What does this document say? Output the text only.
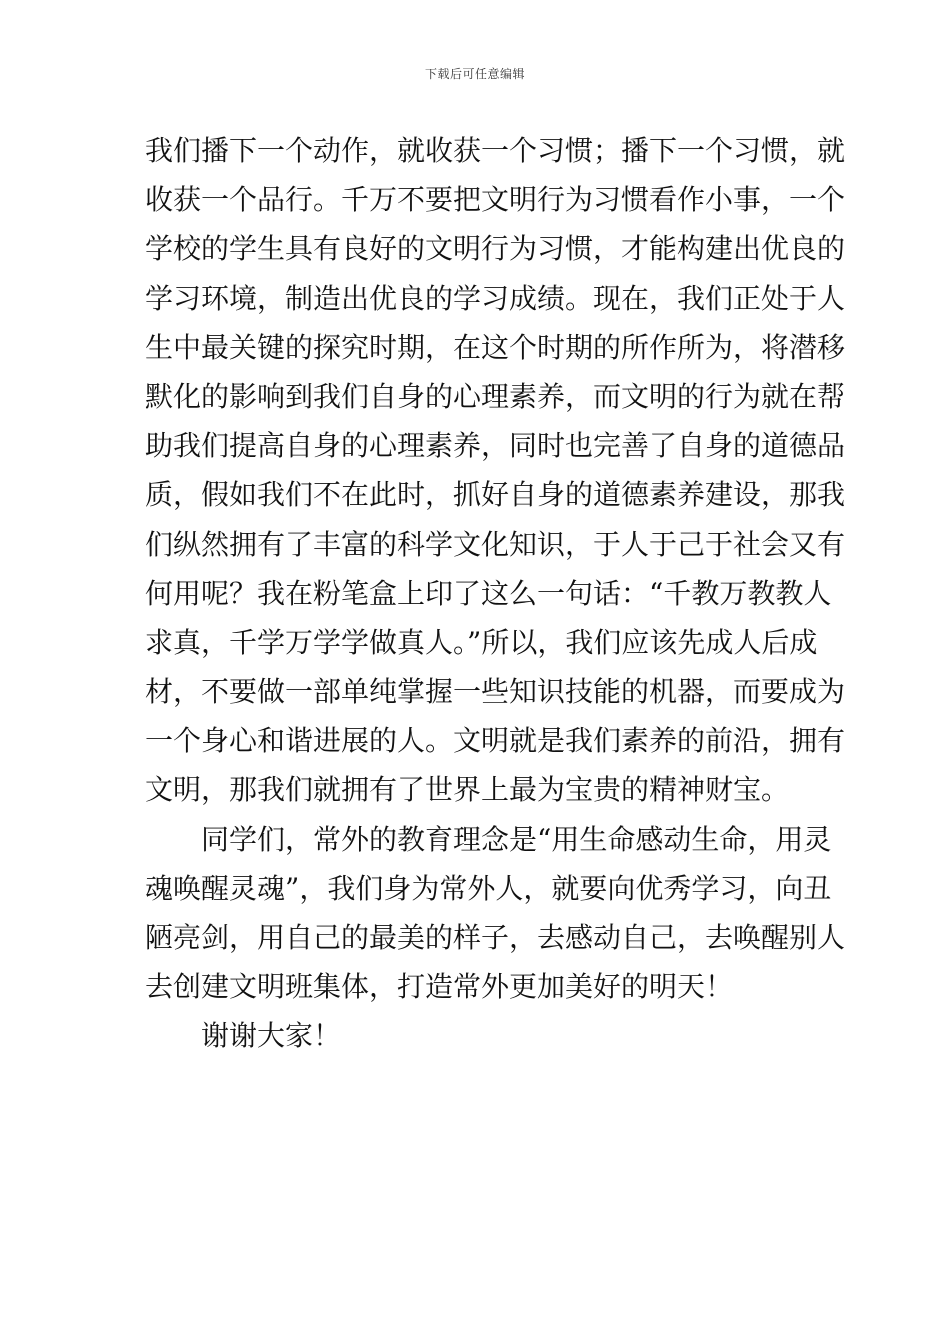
下载后可任意编辑
我们播下一个动作，就收获一个习惯；播下一个习惯，就
收获一个品行。千万不要把文明行为习惯看作小事，一个
学校的学生具有良好的文明行为习惯，才能构建出优良的
学习环境，制造出优良的学习成绩。现在，我们正处于人
生中最关键的探究时期，在这个时期的所作所为，将潜移
默化的影响到我们自身的心理素养，而文明的行为就在帮
助我们提高自身的心理素养，同时也完善了自身的道德品
质，假如我们不在此时，抓好自身的道德素养建设，那我
们纵然拥有了丰富的科学文化知识，于人于己于社会又有
何用呢？我在粉笔盒上印了这么一句话：“千教万教教人
求真，千学万学学做真人。”所以，我们应该先成人后成
材，不要做一部单纯掌握一些知识技能的机器，而要成为
一个身心和谐进展的人。文明就是我们素养的前沿，拥有
文明，那我们就拥有了世界上最为宝贵的精神财宝。
同学们，常外的教育理念是“用生命感动生命，用灵
魂唤醒灵魂”，我们身为常外人，就要向优秀学习，向丑
陋亮剑，用自己的最美的样子，去感动自己，去唤醒别人
去创建文明班集体，打造常外更加美好的明天！
谢谢大家！
